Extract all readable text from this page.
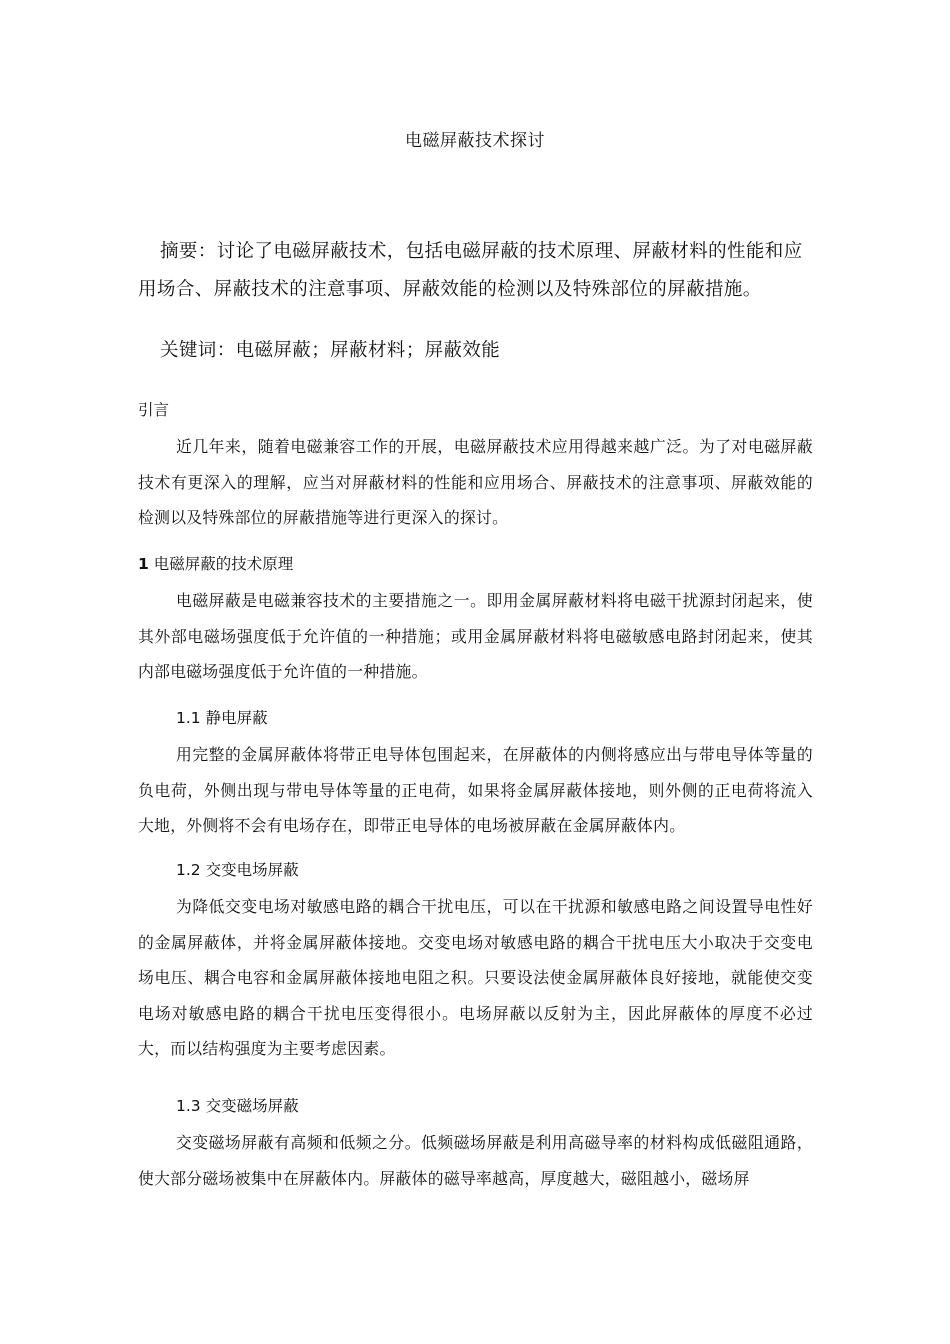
电磁屏蔽技术探讨
摘要：讨论了电磁屏蔽技术，包括电磁屏蔽的技术原理、屏蔽材料的性能和应用场合、屏蔽技术的注意事项、屏蔽效能的检测以及特殊部位的屏蔽措施。
关键词：电磁屏蔽；屏蔽材料；屏蔽效能
引言
近几年来，随着电磁兼容工作的开展，电磁屏蔽技术应用得越来越广泛。为了对电磁屏蔽技术有更深入的理解，应当对屏蔽材料的性能和应用场合、屏蔽技术的注意事项、屏蔽效能的检测以及特殊部位的屏蔽措施等进行更深入的探讨。
1 电磁屏蔽的技术原理
电磁屏蔽是电磁兼容技术的主要措施之一。即用金属屏蔽材料将电磁干扰源封闭起来，使其外部电磁场强度低于允许值的一种措施；或用金属屏蔽材料将电磁敏感电路封闭起来，使其内部电磁场强度低于允许值的一种措施。
1.1 静电屏蔽
用完整的金属屏蔽体将带正电导体包围起来，在屏蔽体的内侧将感应出与带电导体等量的负电荷，外侧出现与带电导体等量的正电荷，如果将金属屏蔽体接地，则外侧的正电荷将流入大地，外侧将不会有电场存在，即带正电导体的电场被屏蔽在金属屏蔽体内。
1.2 交变电场屏蔽
为降低交变电场对敏感电路的耦合干扰电压，可以在干扰源和敏感电路之间设置导电性好的金属屏蔽体，并将金属屏蔽体接地。交变电场对敏感电路的耦合干扰电压大小取决于交变电场电压、耦合电容和金属屏蔽体接地电阻之积。只要设法使金属屏蔽体良好接地，就能使交变电场对敏感电路的耦合干扰电压变得很小。电场屏蔽以反射为主，因此屏蔽体的厚度不必过大，而以结构强度为主要考虑因素。
1.3 交变磁场屏蔽
交变磁场屏蔽有高频和低频之分。低频磁场屏蔽是利用高磁导率的材料构成低磁阻通路，使大部分磁场被集中在屏蔽体内。屏蔽体的磁导率越高，厚度越大，磁阻越小，磁场屏
